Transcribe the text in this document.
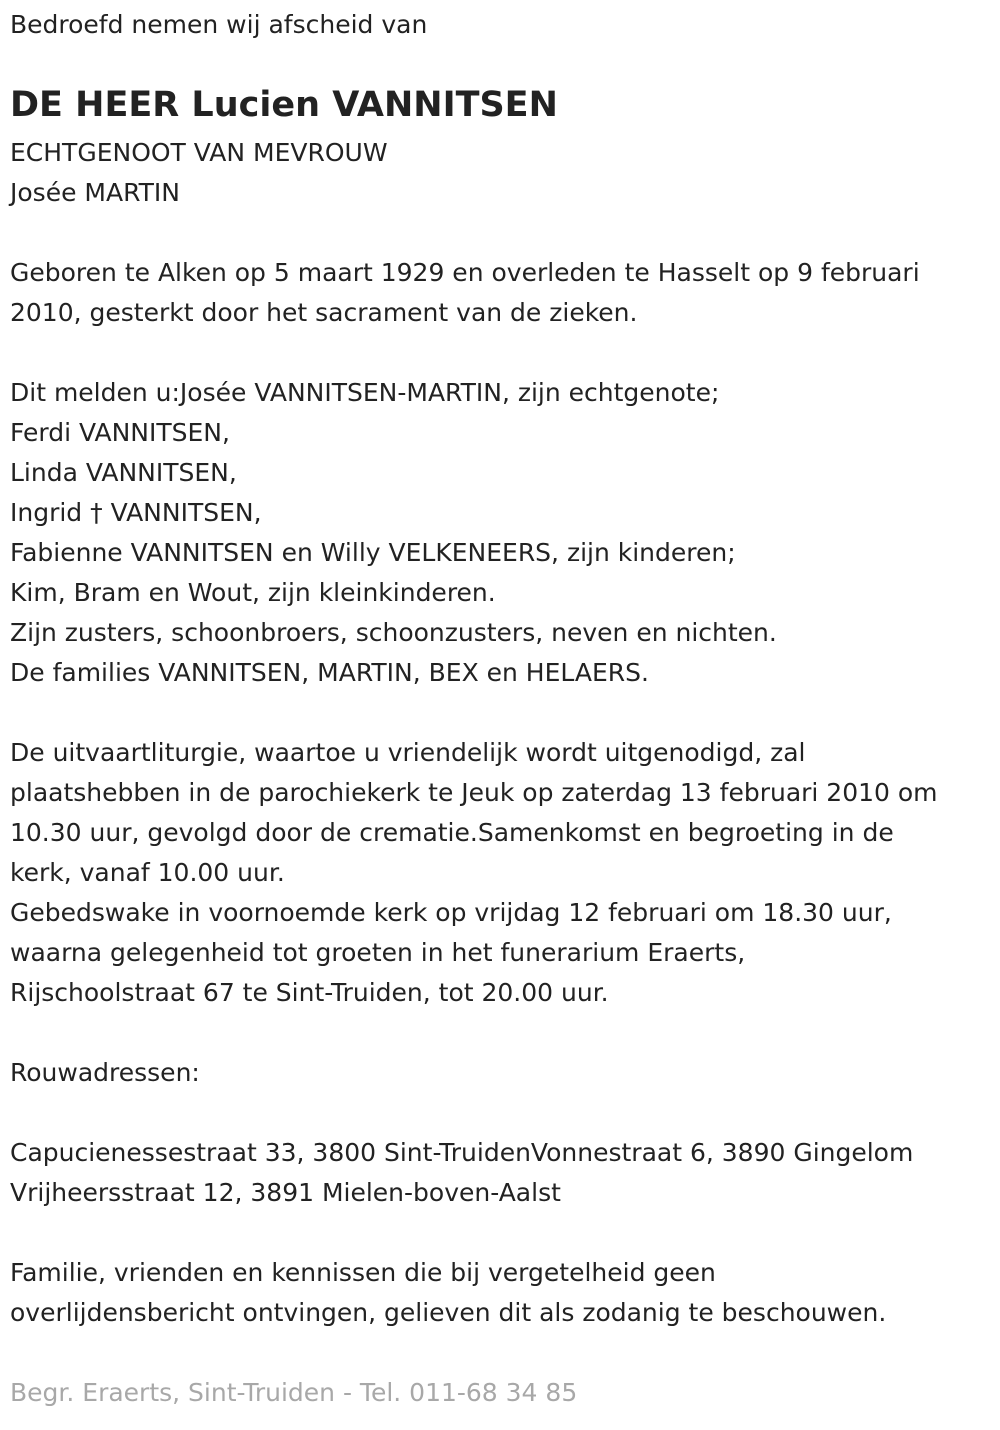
Bedroefd nemen wij afscheid van
DE HEER Lucien VANNITSEN
ECHTGENOOT VAN MEVROUW
Josée MARTIN
Geboren te Alken op 5 maart 1929 en overleden te Hasselt op 9 februari
2010, gesterkt door het sacrament van de zieken.
Dit melden u:Josée VANNITSEN-MARTIN, zijn echtgenote;
Ferdi VANNITSEN,
Linda VANNITSEN,
Ingrid † VANNITSEN,
Fabienne VANNITSEN en Willy VELKENEERS, zijn kinderen;
Kim, Bram en Wout, zijn kleinkinderen.
Zijn zusters, schoonbroers, schoonzusters, neven en nichten.
De families VANNITSEN, MARTIN, BEX en HELAERS.
De uitvaartliturgie, waartoe u vriendelijk wordt uitgenodigd, zal
plaatshebben in de parochiekerk te Jeuk op zaterdag 13 februari 2010 om
10.30 uur, gevolgd door de crematie.Samenkomst en begroeting in de
kerk, vanaf 10.00 uur.
Gebedswake in voornoemde kerk op vrijdag 12 februari om 18.30 uur,
waarna gelegenheid tot groeten in het funerarium Eraerts,
Rijschoolstraat 67 te Sint-Truiden, tot 20.00 uur.
Rouwadressen:
Capucienessestraat 33, 3800 Sint-TruidenVonnestraat 6, 3890 Gingelom
Vrijheersstraat 12, 3891 Mielen-boven-Aalst
Familie, vrienden en kennissen die bij vergetelheid geen
overlijdensbericht ontvingen, gelieven dit als zodanig te beschouwen.
Begr. Eraerts, Sint-Truiden - Tel. 011-68 34 85
